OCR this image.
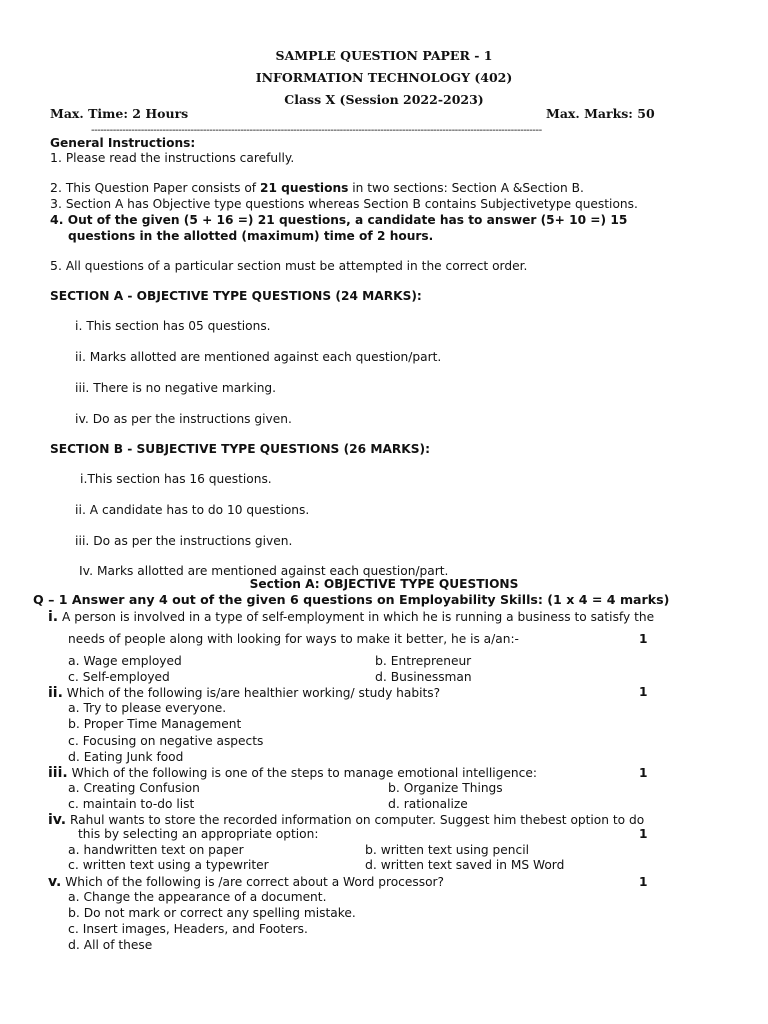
SAMPLE QUESTION PAPER - 1
INFORMATION TECHNOLOGY (402)
Class X (Session 2022-2023)
Max. Time: 2 Hours	Max. Marks: 50
-------------------------------------------------------------------------------------------------------------------------------------------------
General Instructions:
1. Please read the instructions carefully.
2. This Question Paper consists of 21 questions in two sections: Section A &Section B.
3. Section A has Objective type questions whereas Section B contains Subjectivetype questions.
4. Out of the given (5 + 16 =) 21 questions, a candidate has to answer (5+ 10 =) 15
questions in the allotted (maximum) time of 2 hours.
5. All questions of a particular section must be attempted in the correct order.
SECTION A - OBJECTIVE TYPE QUESTIONS (24 MARKS):
i. This section has 05 questions.
ii. Marks allotted are mentioned against each question/part.
iii. There is no negative marking.
iv. Do as per the instructions given.
SECTION B - SUBJECTIVE TYPE QUESTIONS (26 MARKS):
i.This section has 16 questions.
ii. A candidate has to do 10 questions.
iii. Do as per the instructions given.
Iv. Marks allotted are mentioned against each question/part.
Section A: OBJECTIVE TYPE QUESTIONS
Q – 1 Answer any 4 out of the given 6 questions on Employability Skills: (1 x 4 = 4 marks)
i. A person is involved in a type of self-employment in which he is running a business to satisfy the
needs of people along with looking for ways to make it better, he is a/an:-	1
a. Wage employed	b. Entrepreneur
c. Self-employed	d. Businessman
ii. Which of the following is/are healthier working/ study habits?	1
a. Try to please everyone.
b. Proper Time Management
c. Focusing on negative aspects
d. Eating Junk food
iii. Which of the following is one of the steps to manage emotional intelligence:	1
a. Creating Confusion	b. Organize Things
c. maintain to-do list	d. rationalize
iv. Rahul wants to store the recorded information on computer. Suggest him thebest option to do
this by selecting an appropriate option:	1
a. handwritten text on paper	b. written text using pencil
c. written text using a typewriter	d. written text saved in MS Word
v. Which of the following is /are correct about a Word processor?	1
a. Change the appearance of a document.
b. Do not mark or correct any spelling mistake.
c. Insert images, Headers, and Footers.
d. All of these
